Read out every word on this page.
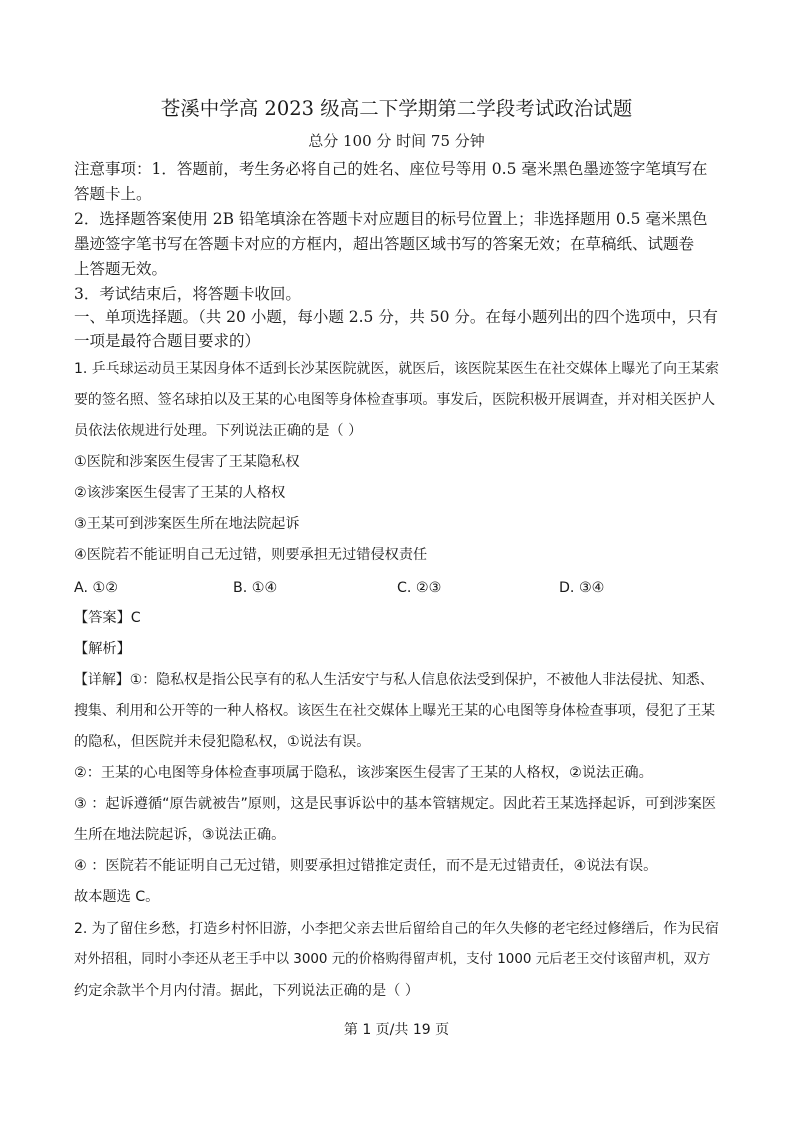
苍溪中学高 2023 级高二下学期第二学段考试政治试题
总分 100 分 时间 75 分钟
注意事项：1．答题前，考生务必将自己的姓名、座位号等用 0.5 毫米黑色墨迹签字笔填写在
答题卡上。
2．选择题答案使用 2B 铅笔填涂在答题卡对应题目的标号位置上；非选择题用 0.5 毫米黑色
墨迹签字笔书写在答题卡对应的方框内，超出答题区域书写的答案无效；在草稿纸、试题卷
上答题无效。
3．考试结束后，将答题卡收回。
一、单项选择题。（共 20 小题，每小题 2.5 分，共 50 分。在每小题列出的四个选项中，只有
一项是最符合题目要求的）
1. 乒乓球运动员王某因身体不适到长沙某医院就医，就医后，该医院某医生在社交媒体上曝光了向王某索
要的签名照、签名球拍以及王某的心电图等身体检查事项。事发后，医院积极开展调查，并对相关医护人
员依法依规进行处理。下列说法正确的是（ ）
①医院和涉案医生侵害了王某隐私权
②该涉案医生侵害了王某的人格权
③王某可到涉案医生所在地法院起诉
④医院若不能证明自己无过错，则要承担无过错侵权责任
A. ①②	B. ①④	C. ②③	D. ③④
【答案】C
【解析】
【详解】①：隐私权是指公民享有的私人生活安宁与私人信息依法受到保护，不被他人非法侵扰、知悉、
搜集、利用和公开等的一种人格权。该医生在社交媒体上曝光王某的心电图等身体检查事项，侵犯了王某
的隐私，但医院并未侵犯隐私权，①说法有误。
②：王某的心电图等身体检查事项属于隐私，该涉案医生侵害了王某的人格权，②说法正确。
③ ：起诉遵循“原告就被告”原则，这是民事诉讼中的基本管辖规定。因此若王某选择起诉，可到涉案医
生所在地法院起诉，③说法正确。
④ ：医院若不能证明自己无过错，则要承担过错推定责任，而不是无过错责任，④说法有误。
故本题选 C。
2. 为了留住乡愁，打造乡村怀旧游，小李把父亲去世后留给自己的年久失修的老宅经过修缮后，作为民宿
对外招租，同时小李还从老王手中以 3000 元的价格购得留声机，支付 1000 元后老王交付该留声机，双方
约定余款半个月内付清。据此，下列说法正确的是（ ）
第 1 页/共 19 页
